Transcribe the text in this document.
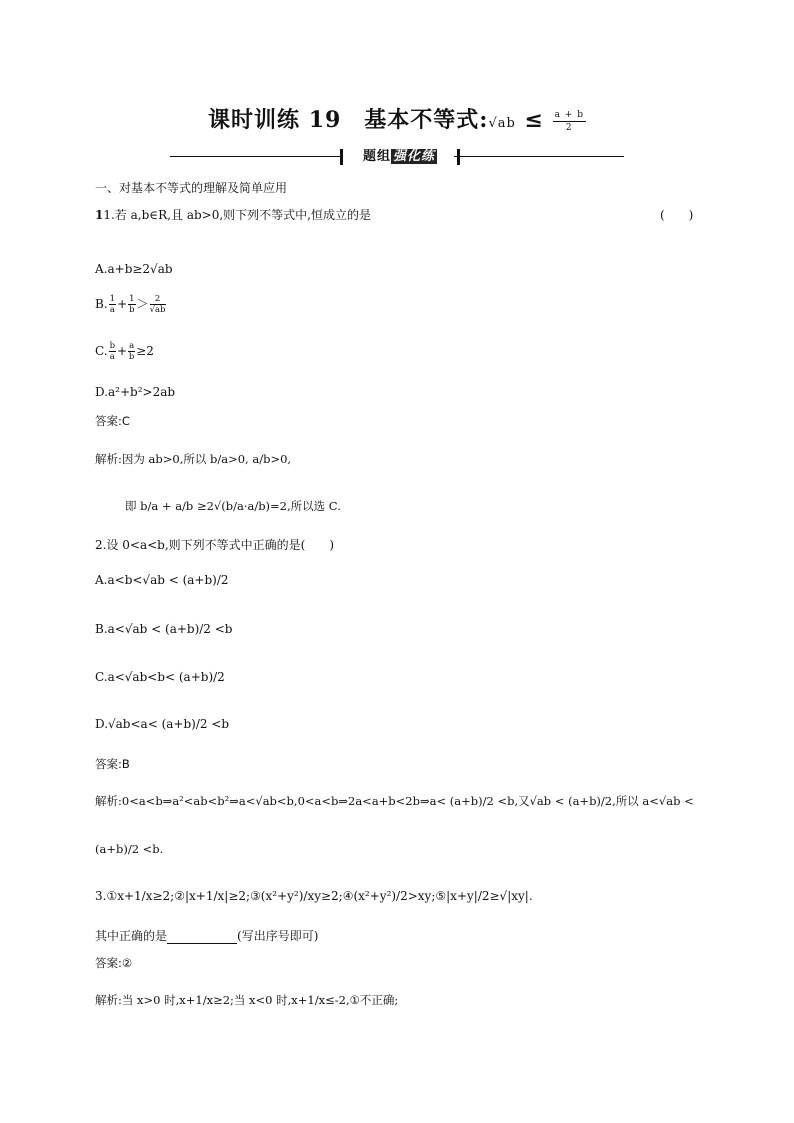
课时训练 19　基本不等式:√ab ≤ $\frac{a + b}{2}$
题组 强化练
一、对基本不等式的理解及简单应用
11.若 a,b∈R,且 ab>0,则下列不等式中,恒成立的是	(　　)
A.a+b≥2√ab
B. $\frac{1}{a} + \frac{1}{b} > \frac{2}{√ab}$
C. $\frac{b}{a} + \frac{a}{b} \ge 2$
D.a²+b²>2ab
答案:C
解析:因为 ab>0,所以 b/a>0, a/b>0,
即 b/a + a/b ≥2√(b/a·a/b)=2,所以选 C.
2.设 0<a<b,则下列不等式中正确的是(　　)
A.a<b<√ab < (a+b)/2
B.a<√ab < (a+b)/2 <b
C.a<√ab<b< (a+b)/2
D.√ab<a< (a+b)/2 <b
答案:B
解析:0<a<b⇒a²<ab<b²⇒a<√ab<b,0<a<b⇒2a<a+b<2b⇒a< (a+b)/2 <b,又√ab < (a+b)/2,所以 a<√ab <
(a+b)/2 <b.
3.①x+1/x≥2;②|x+1/x|≥2;③(x²+y²)/xy≥2;④(x²+y²)/2>xy;⑤|x+y|/2≥√|xy|.
其中正确的是	(写出序号即可)
答案:②
解析:当 x>0 时,x+1/x≥2;当 x<0 时,x+1/x≤-2,①不正确;
